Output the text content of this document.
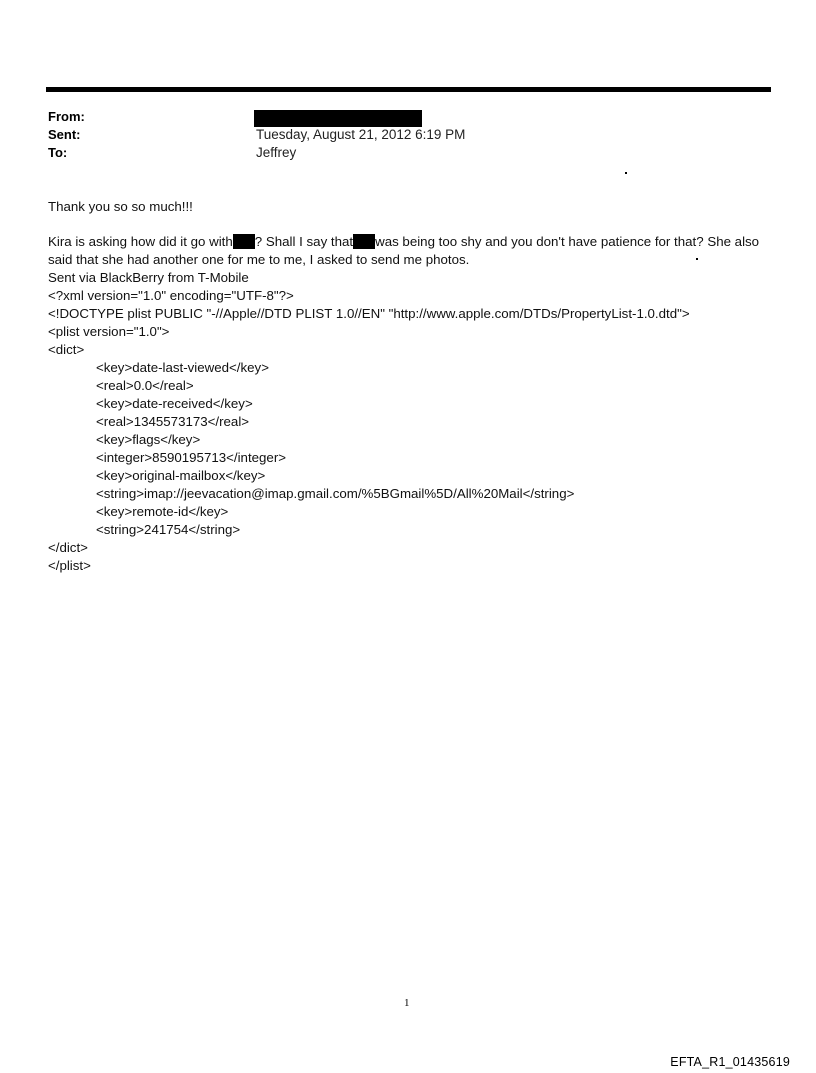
From:
Sent:
To:
Tuesday, August 21, 2012 6:19 PM
Jeffrey
Thank you so so much!!!
Kira is asking how did it go with ? Shall I say that was being too shy and you don't have patience for that? She also
said that she had another one for me to me, I asked to send me photos.
Sent via BlackBerry from T-Mobile
<?xml version="1.0" encoding="UTF-8"?>
<!DOCTYPE plist PUBLIC "-//Apple//DTD PLIST 1.0//EN" "http://www.apple.com/DTDs/PropertyList-1.0.dtd">
<plist version="1.0">
<dict>
<key>date-last-viewed</key>
<real>0.0</real>
<key>date-received</key>
<real>1345573173</real>
<key>flags</key>
<integer>8590195713</integer>
<key>original-mailbox</key>
<string>imap://jeevacation@imap.gmail.com/%5BGmail%5D/All%20Mail</string>
<key>remote-id</key>
<string>241754</string>
</dict>
</plist>
1
EFTA_R1_01435619
